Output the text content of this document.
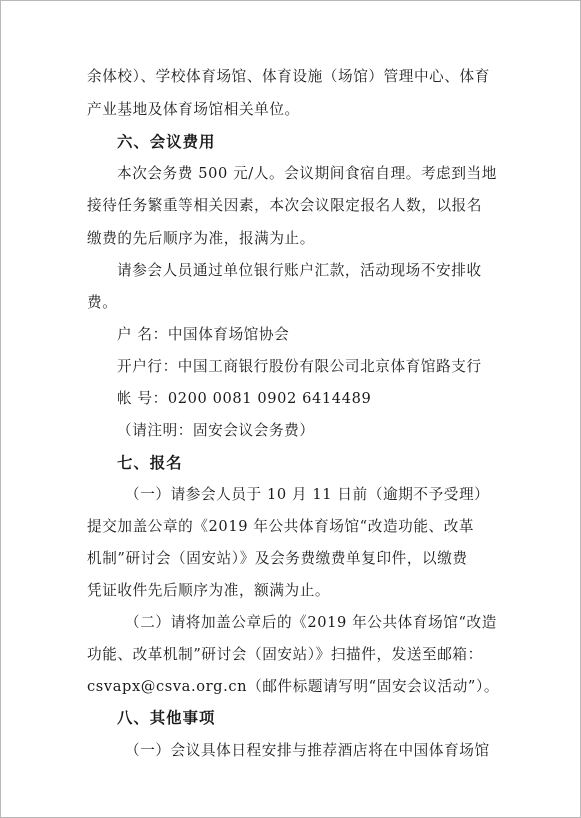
余体校）、学校体育场馆、体育设施（场馆）管理中心、体育
产业基地及体育场馆相关单位。
六、会议费用
本次会务费 500 元/人。会议期间食宿自理。考虑到当地
接待任务繁重等相关因素，本次会议限定报名人数，以报名
缴费的先后顺序为准，报满为止。
请参会人员通过单位银行账户汇款，活动现场不安排收
费。
户 名：中国体育场馆协会
开户行：中国工商银行股份有限公司北京体育馆路支行
帐 号：0200 0081 0902 6414489
（请注明：固安会议会务费）
七、报名
（一）请参会人员于 10 月 11 日前（逾期不予受理）
提交加盖公章的《2019 年公共体育场馆“改造功能、改革
机制”研讨会（固安站）》及会务费缴费单复印件，以缴费
凭证收件先后顺序为准，额满为止。
（二）请将加盖公章后的《2019 年公共体育场馆“改造
功能、改革机制”研讨会（固安站）》扫描件，发送至邮箱：
csvapx@csva.org.cn（邮件标题请写明“固安会议活动”）。
八、其他事项
（一）会议具体日程安排与推荐酒店将在中国体育场馆
